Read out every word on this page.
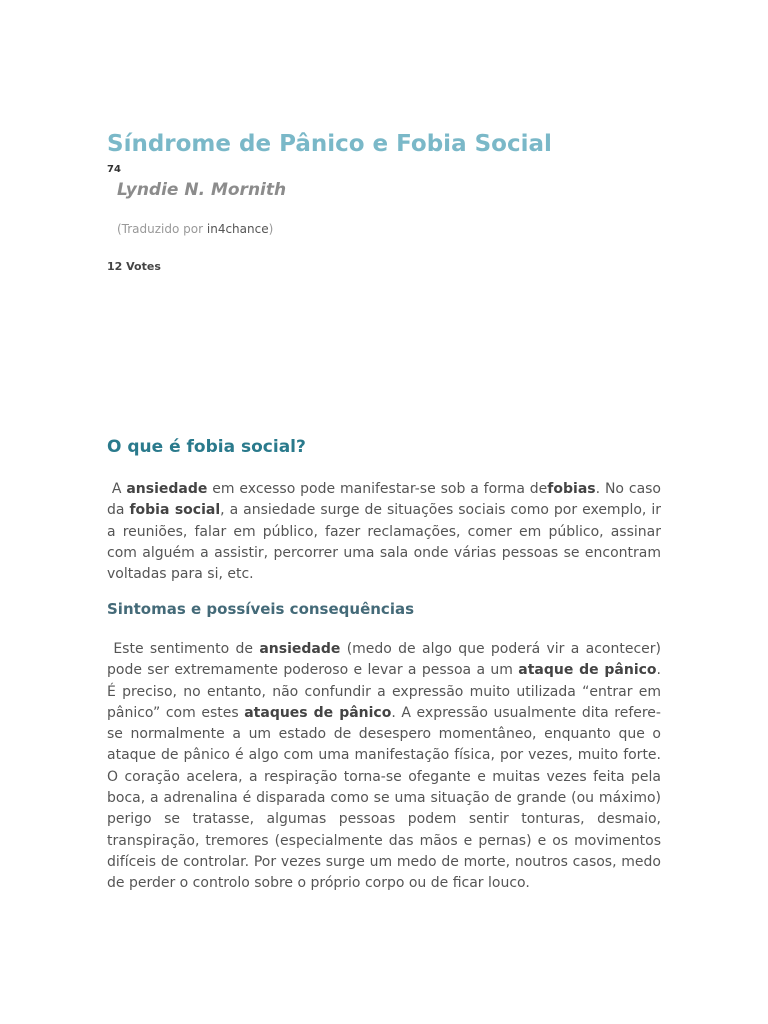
Síndrome de Pânico e Fobia Social
74
Lyndie N. Mornith
(Traduzido por in4chance)
12 Votes
O que é fobia social?

A ansiedade em excesso pode manifestar-se sob a forma defobias. No caso da fobia social, a ansiedade surge de situações sociais como por exemplo, ir a reuniões, falar em público, fazer reclamações, comer em público, assinar com alguém a assistir, percorrer uma sala onde várias pessoas se encontram voltadas para si, etc.

Sintomas e possíveis consequências

Este sentimento de ansiedade (medo de algo que poderá vir a acontecer) pode ser extremamente poderoso e levar a pessoa a um ataque de pânico. É preciso, no entanto, não confundir a expressão muito utilizada “entrar em pânico” com estes ataques de pânico. A expressão usualmente dita refere-se normalmente a um estado de desespero momentâneo, enquanto que o ataque de pânico é algo com uma manifestação física, por vezes, muito forte. O coração acelera, a respiração torna-se ofegante e muitas vezes feita pela boca, a adrenalina é disparada como se uma situação de grande (ou máximo) perigo se tratasse, algumas pessoas podem sentir tonturas, desmaio, transpiração, tremores (especialmente das mãos e pernas) e os movimentos difíceis de controlar. Por vezes surge um medo de morte, noutros casos, medo de perder o controlo sobre o próprio corpo ou de ficar louco.
